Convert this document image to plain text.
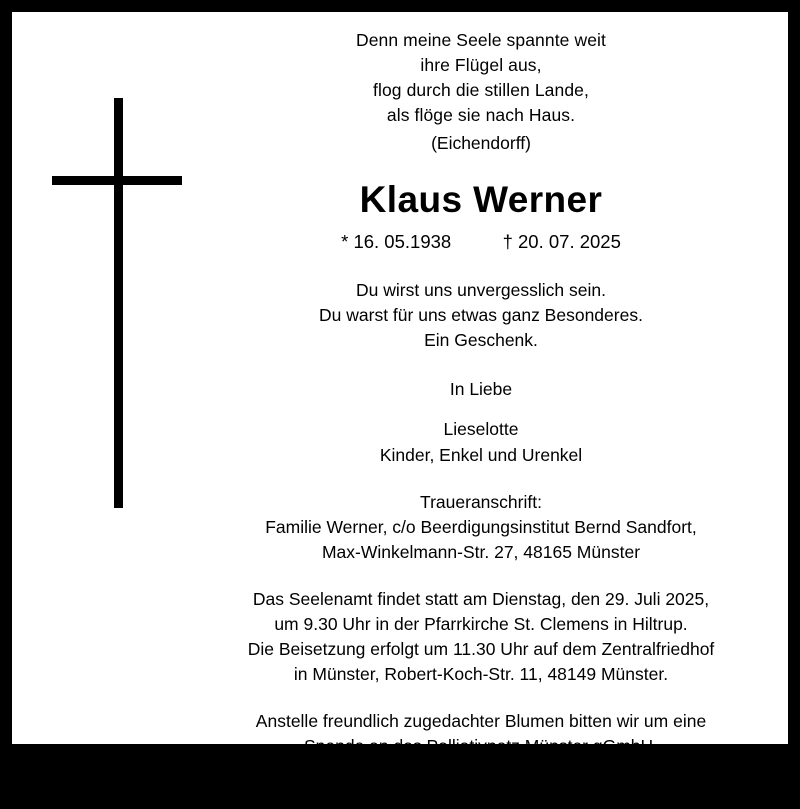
Denn meine Seele spannte weit
ihre Flügel aus,
flog durch die stillen Lande,
als flöge sie nach Haus.
(Eichendorff)
Klaus Werner
* 16. 05.1938          † 20. 07. 2025
Du wirst uns unvergesslich sein.
Du warst für uns etwas ganz Besonderes.
Ein Geschenk.
In Liebe
Lieselotte
Kinder, Enkel und Urenkel
Traueranschrift:
Familie Werner, c/o Beerdigungsinstitut Bernd Sandfort,
Max-Winkelmann-Str. 27, 48165 Münster
Das Seelenamt findet statt am Dienstag, den 29. Juli 2025,
um 9.30 Uhr in der Pfarrkirche St. Clemens in Hiltrup.
Die Beisetzung erfolgt um 11.30 Uhr auf dem Zentralfriedhof
in Münster, Robert-Koch-Str. 11, 48149 Münster.
Anstelle freundlich zugedachter Blumen bitten wir um eine
Spende an das Palliativnetz Münster gGmbH,
IBAN: DE08 4005 0150 0034 4035 84,
Stichwort: Klaus Werner.
